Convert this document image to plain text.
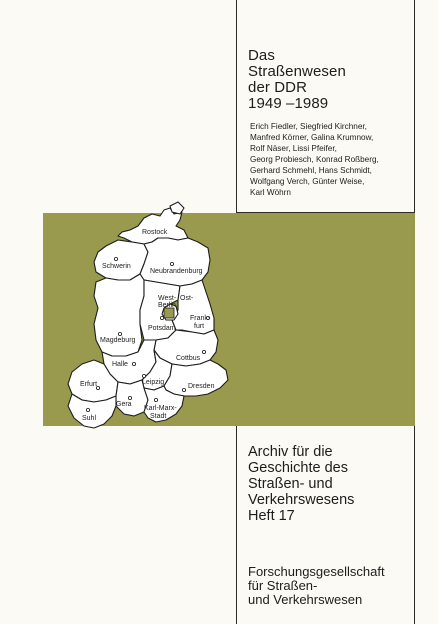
Das
Straßenwesen
der DDR
1949 –1989
Erich Fiedler, Siegfried Kirchner,
Manfred Körner, Galina Krumnow,
Rolf Näser, Lissi Pfeifer,
Georg Probiesch, Konrad Roßberg,
Gerhard Schmehl, Hans Schmidt,
Wolfgang Verch, Günter Weise,
Karl Wöhrn
Rostock
Schwerin
Neubrandenburg
West-
Berlin
Ost-
Frank-
furt
Potsdam
Magdeburg
Cottbus
Halle
Leipzig
Dresden
Erfurt
Gera
Karl-Marx-
Stadt
Suhl
Archiv für die
Geschichte des
Straßen- und
Verkehrswesens
Heft 17
Forschungsgesellschaft
für Straßen-
und Verkehrswesen
